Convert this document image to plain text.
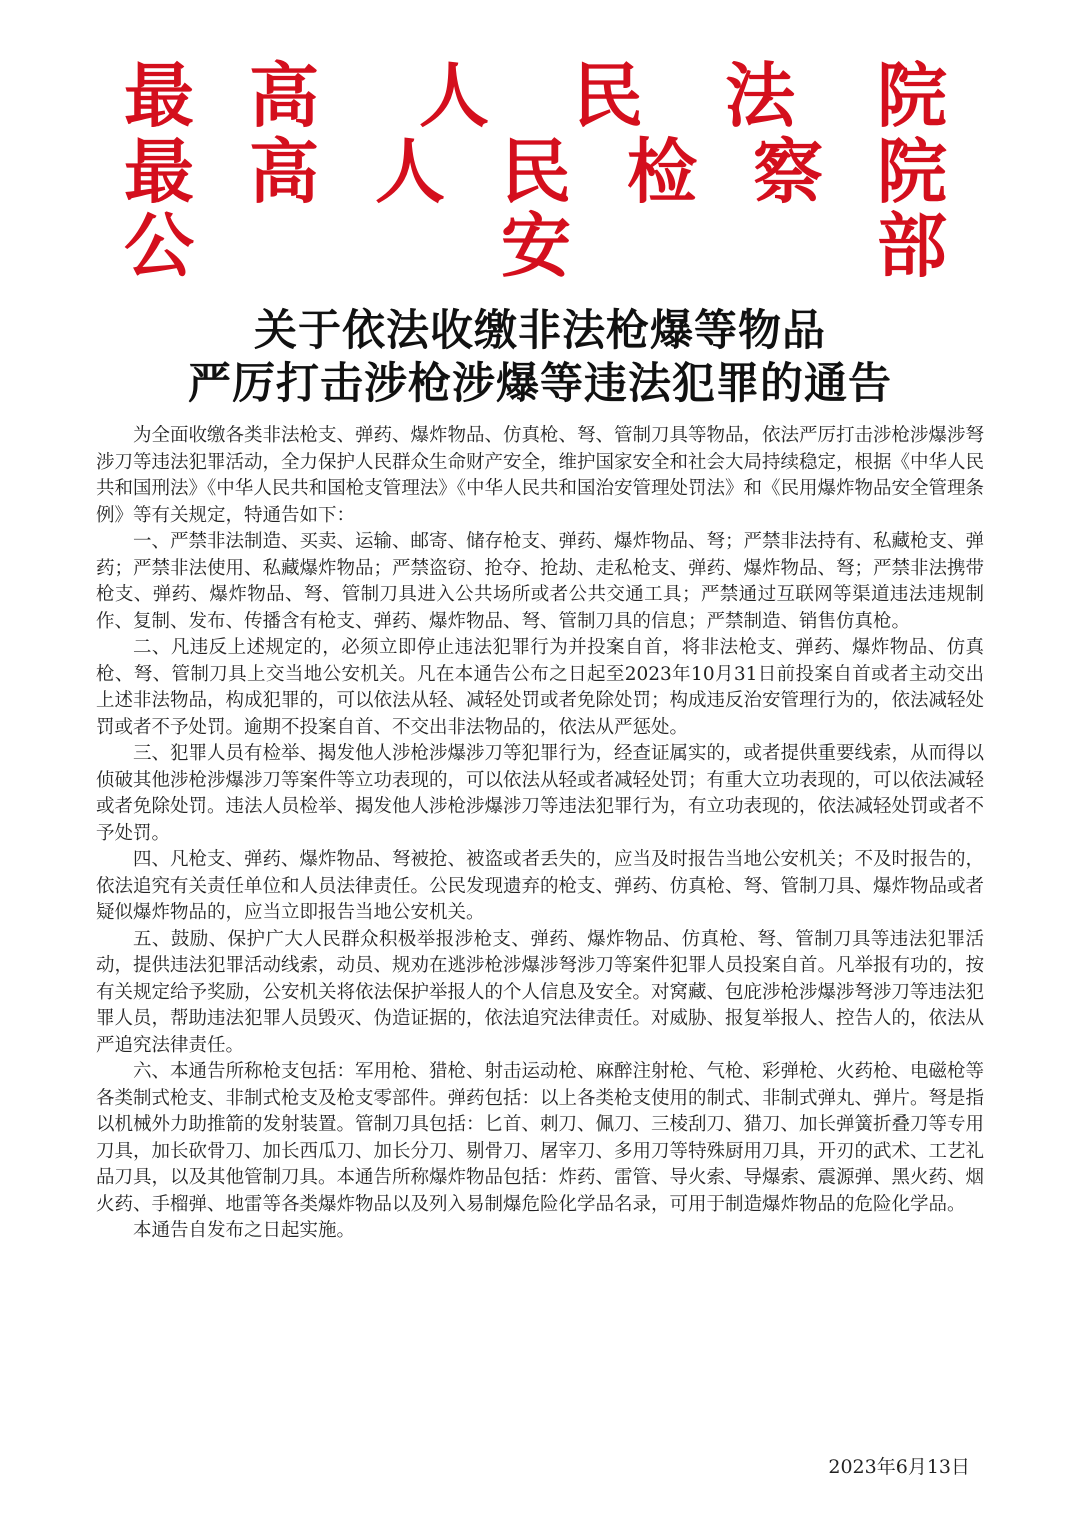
最 高 人 民 法 院
最 高 人 民 检 察 院
公	安	部
关于依法收缴非法枪爆等物品
严厉打击涉枪涉爆等违法犯罪的通告

为全面收缴各类非法枪支、弹药、爆炸物品、仿真枪、弩、管制刀具等物品，依法严厉打击涉枪涉爆涉弩涉刀等违法犯罪活动，全力保护人民群众生命财产安全，维护国家安全和社会大局持续稳定，根据《中华人民共和国刑法》《中华人民共和国枪支管理法》《中华人民共和国治安管理处罚法》和《民用爆炸物品安全管理条例》等有关规定，特通告如下：

一、严禁非法制造、买卖、运输、邮寄、储存枪支、弹药、爆炸物品、弩；严禁非法持有、私藏枪支、弹药；严禁非法使用、私藏爆炸物品；严禁盗窃、抢夺、抢劫、走私枪支、弹药、爆炸物品、弩；严禁非法携带枪支、弹药、爆炸物品、弩、管制刀具进入公共场所或者公共交通工具；严禁通过互联网等渠道违法违规制作、复制、发布、传播含有枪支、弹药、爆炸物品、弩、管制刀具的信息；严禁制造、销售仿真枪。

二、凡违反上述规定的，必须立即停止违法犯罪行为并投案自首，将非法枪支、弹药、爆炸物品、仿真枪、弩、管制刀具上交当地公安机关。凡在本通告公布之日起至2023年10月31日前投案自首或者主动交出上述非法物品，构成犯罪的，可以依法从轻、减轻处罚或者免除处罚；构成违反治安管理行为的，依法减轻处罚或者不予处罚。逾期不投案自首、不交出非法物品的，依法从严惩处。

三、犯罪人员有检举、揭发他人涉枪涉爆涉刀等犯罪行为，经查证属实的，或者提供重要线索，从而得以侦破其他涉枪涉爆涉刀等案件等立功表现的，可以依法从轻或者减轻处罚；有重大立功表现的，可以依法减轻或者免除处罚。违法人员检举、揭发他人涉枪涉爆涉刀等违法犯罪行为，有立功表现的，依法减轻处罚或者不予处罚。

四、凡枪支、弹药、爆炸物品、弩被抢、被盗或者丢失的，应当及时报告当地公安机关；不及时报告的，依法追究有关责任单位和人员法律责任。公民发现遗弃的枪支、弹药、仿真枪、弩、管制刀具、爆炸物品或者疑似爆炸物品的，应当立即报告当地公安机关。

五、鼓励、保护广大人民群众积极举报涉枪支、弹药、爆炸物品、仿真枪、弩、管制刀具等违法犯罪活动，提供违法犯罪活动线索，动员、规劝在逃涉枪涉爆涉弩涉刀等案件犯罪人员投案自首。凡举报有功的，按有关规定给予奖励，公安机关将依法保护举报人的个人信息及安全。对窝藏、包庇涉枪涉爆涉弩涉刀等违法犯罪人员，帮助违法犯罪人员毁灭、伪造证据的，依法追究法律责任。对威胁、报复举报人、控告人的，依法从严追究法律责任。

六、本通告所称枪支包括：军用枪、猎枪、射击运动枪、麻醉注射枪、气枪、彩弹枪、火药枪、电磁枪等各类制式枪支、非制式枪支及枪支零部件。弹药包括：以上各类枪支使用的制式、非制式弹丸、弹片。弩是指以机械外力助推箭的发射装置。管制刀具包括：匕首、刺刀、佩刀、三棱刮刀、猎刀、加长弹簧折叠刀等专用刀具，加长砍骨刀、加长西瓜刀、加长分刀、剔骨刀、屠宰刀、多用刀等特殊厨用刀具，开刃的武术、工艺礼品刀具，以及其他管制刀具。本通告所称爆炸物品包括：炸药、雷管、导火索、导爆索、震源弹、黑火药、烟火药、手榴弹、地雷等各类爆炸物品以及列入易制爆危险化学品名录，可用于制造爆炸物品的危险化学品。

本通告自发布之日起实施。

2023年6月13日
